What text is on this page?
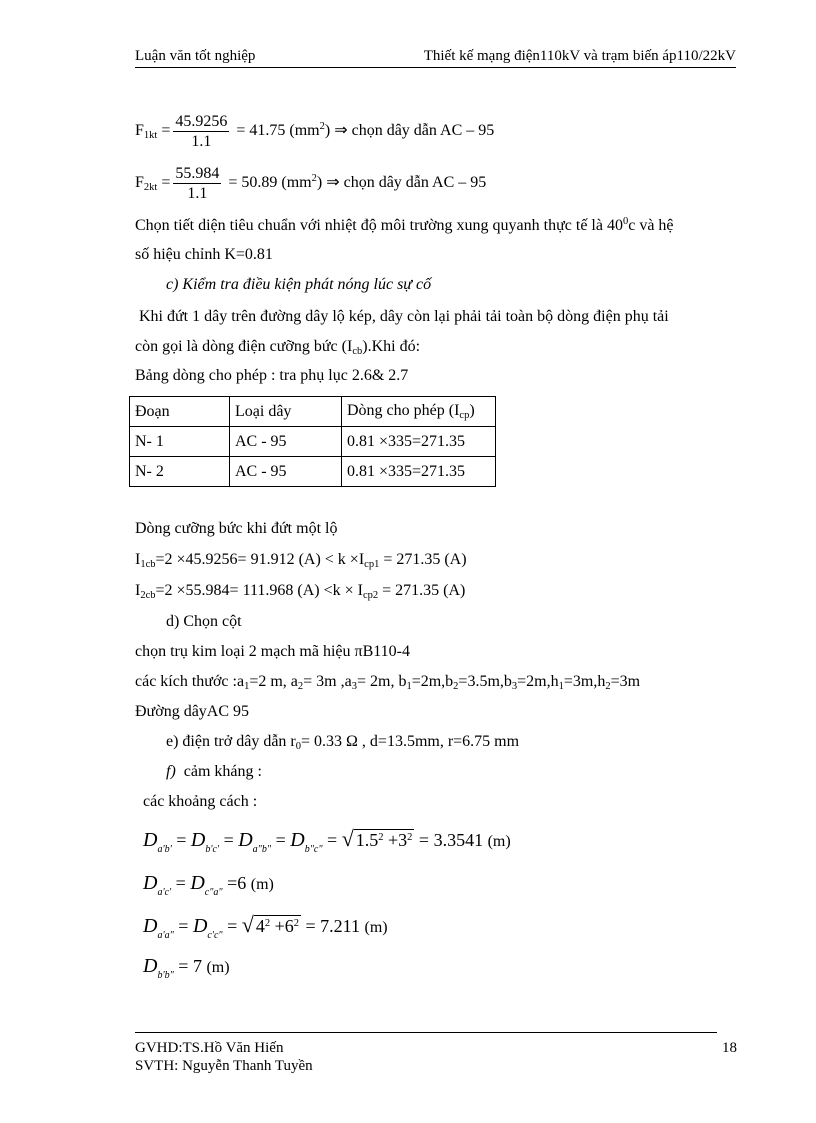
Luận văn tốt nghiệp	Thiết kế mạng điện110kV và trạm biến áp110/22kV
$F_{1kt} = \frac{45.9256}{1.1} = 41.75$ $(mm^2)$ ⇒ chọn dây dẫn AC – 95
$F_{2kt} = \frac{55.984}{1.1} = 50.89$ $(mm^2)$ ⇒ chọn dây dẫn AC – 95
Chọn tiết diện tiêu chuẩn với nhiệt độ môi trường xung quyanh thực tế là $40^0c$ và hệ
số hiệu chỉnh K=0.81
c) Kiểm tra điều kiện phát nóng lúc sự cố
Khi đứt 1 dây trên đường dây lộ kép, dây còn lại phải tải toàn bộ dòng điện phụ tải
còn gọi là dòng điện cưỡng bức $(I_{cb}).Khi$ đó:
Bảng dòng cho phép : tra phụ lục 2.6& 2.7
Đoạn	Loại dây	Dòng cho phép $(I_{cp})$
N- 1	AC - 95	0.81 ×335=271.35
N- 2	AC - 95	0.81 ×335=271.35
Dòng cưỡng bức khi đứt một lộ
$I_{1cb}=2 \times 45.9256= 91.912$ $(A) < k \times I_{cp1} = 271.35$ (A)
$I_{2cb}=2 \times 55.984= 111.968$ $(A) <k \times I_{cp2} = 271.35$ (A)
d) Chọn cột
chọn trụ kim loại 2 mạch mã hiệu πB110-4
các kích thước $:a_1=2$ m, $a_2= 3m$ $,a_3= 2m$, $b_1=2m,b_2=3.5m,b_3=2m,h_1=3m,h_2=3m$
Đường dâyAC 95
e) điện trở dây dẫn $r_0= 0.33$ Ω , d=13.5mm, r=6.75 mm
f) cảm kháng :
các khoảng cách :
$D_{a'b'} = D_{b'c'} = D_{a"b"} = D_{b"c"}$ = √ $1.5^2 +3^2 = 3.3541$ (m)
$D_{a'c'} = D_{c"a"} =6$ (m)
$D_{a'a"} = D_{c'c"}$ = √ $4^2 +6^2 = 7.211$ (m)
$D_{b'b"} = 7$ (m)
GVHD:TS.Hồ Văn Hiến
SVTH: Nguyễn Thanh Tuyền
18
